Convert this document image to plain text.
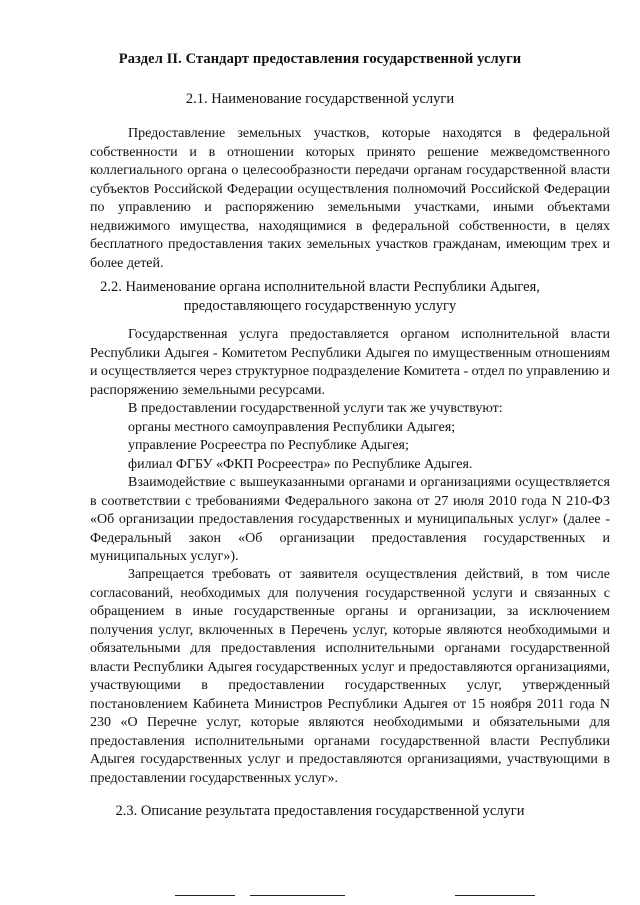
Раздел II. Стандарт предоставления государственной услуги
2.1. Наименование государственной услуги
Предоставление земельных участков, которые находятся в федеральной собственности и в отношении которых принято решение межведомственного коллегиального органа о целесообразности передачи органам государственной власти субъектов Российской Федерации осуществления полномочий Российской Федерации по управлению и распоряжению земельными участками, иными объектами недвижимого имущества, находящимися в федеральной собственности, в целях бесплатного предоставления таких земельных участков гражданам, имеющим трех и более детей.
2.2. Наименование органа исполнительной власти Республики Адыгея,
предоставляющего государственную услугу
Государственная услуга предоставляется органом исполнительной власти Республики Адыгея - Комитетом Республики Адыгея по имущественным отношениям и осуществляется через структурное подразделение Комитета - отдел по управлению и распоряжению земельными ресурсами.
В предоставлении государственной услуги так же учувствуют:
органы местного самоуправления Республики Адыгея;
управление Росреестра по Республике Адыгея;
филиал ФГБУ «ФКП Росреестра» по Республике Адыгея.
Взаимодействие с вышеуказанными органами и организациями осуществляется в соответствии с требованиями Федерального закона от 27 июля 2010 года N 210-ФЗ «Об организации предоставления государственных и муниципальных услуг» (далее - Федеральный закон «Об организации предоставления государственных и муниципальных услуг»).
Запрещается требовать от заявителя осуществления действий, в том числе согласований, необходимых для получения государственной услуги и связанных с обращением в иные государственные органы и организации, за исключением получения услуг, включенных в Перечень услуг, которые являются необходимыми и обязательными для предоставления исполнительными органами государственной власти Республики Адыгея государственных услуг и предоставляются организациями, участвующими в предоставлении государственных услуг, утвержденный постановлением Кабинета Министров Республики Адыгея от 15 ноября 2011 года N 230 «О Перечне услуг, которые являются необходимыми и обязательными для предоставления исполнительными органами государственной власти Республики Адыгея государственных услуг и предоставляются организациями, участвующими в предоставлении государственных услуг».
2.3. Описание результата предоставления государственной услуги
